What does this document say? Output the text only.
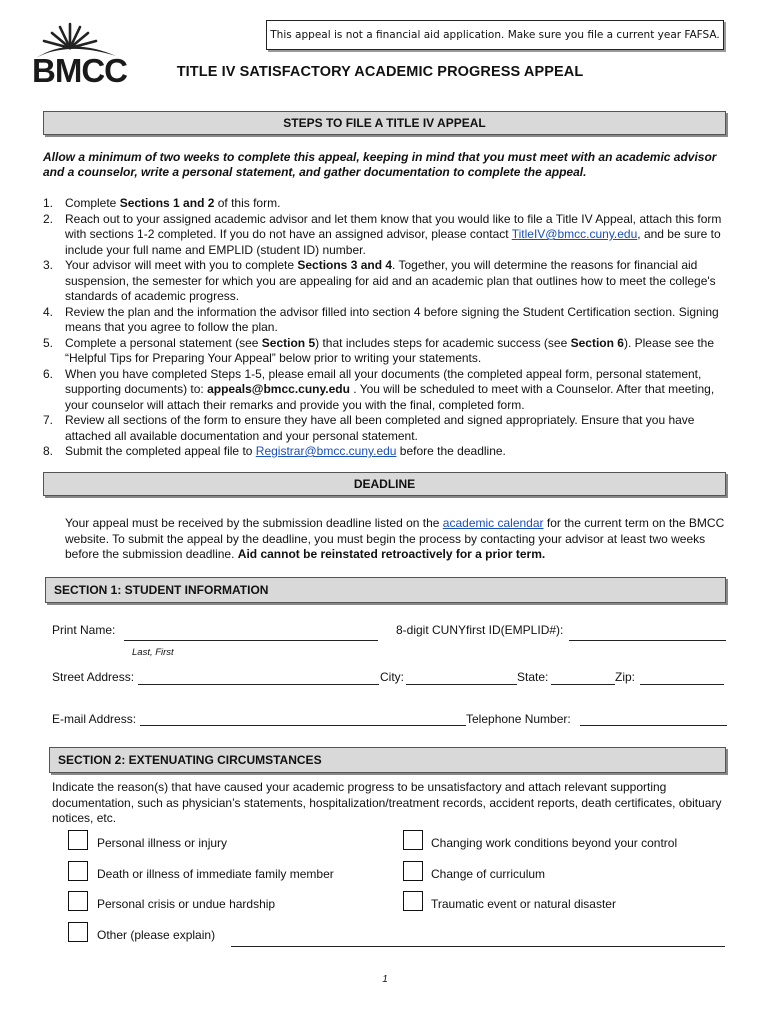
This appeal is not a financial aid application. Make sure you file a current year FAFSA.
BMCC	TITLE IV SATISFACTORY ACADEMIC PROGRESS APPEAL
STEPS TO FILE A TITLE IV APPEAL
Allow a minimum of two weeks to complete this appeal, keeping in mind that you must meet with an academic advisor and a counselor, write a personal statement, and gather documentation to complete the appeal.
1. Complete Sections 1 and 2 of this form.
2. Reach out to your assigned academic advisor and let them know that you would like to file a Title IV Appeal, attach this form with sections 1-2 completed. If you do not have an assigned advisor, please contact TitleIV@bmcc.cuny.edu, and be sure to include your full name and EMPLID (student ID) number.
3. Your advisor will meet with you to complete Sections 3 and 4. Together, you will determine the reasons for financial aid suspension, the semester for which you are appealing for aid and an academic plan that outlines how to meet the college's standards of academic progress.
4. Review the plan and the information the advisor filled into section 4 before signing the Student Certification section. Signing means that you agree to follow the plan.
5. Complete a personal statement (see Section 5) that includes steps for academic success (see Section 6). Please see the “Helpful Tips for Preparing Your Appeal” below prior to writing your statements.
6. When you have completed Steps 1-5, please email all your documents (the completed appeal form, personal statement, supporting documents) to: appeals@bmcc.cuny.edu . You will be scheduled to meet with a Counselor. After that meeting, your counselor will attach their remarks and provide you with the final, completed form.
7. Review all sections of the form to ensure they have all been completed and signed appropriately. Ensure that you have attached all available documentation and your personal statement.
8. Submit the completed appeal file to Registrar@bmcc.cuny.edu before the deadline.
DEADLINE
Your appeal must be received by the submission deadline listed on the academic calendar for the current term on the BMCC website. To submit the appeal by the deadline, you must begin the process by contacting your advisor at least two weeks before the submission deadline. Aid cannot be reinstated retroactively for a prior term.
SECTION 1: STUDENT INFORMATION
Print Name:
Last, First
8-digit CUNYfirst ID(EMPLID#):
Street Address:	City:	State:	Zip:
E-mail Address:	Telephone Number:
SECTION 2: EXTENUATING CIRCUMSTANCES
Indicate the reason(s) that have caused your academic progress to be unsatisfactory and attach relevant supporting documentation, such as physician’s statements, hospitalization/treatment records, accident reports, death certificates, obituary notices, etc.
Personal illness or injury
Death or illness of immediate family member
Personal crisis or undue hardship
Other (please explain)
Changing work conditions beyond your control
Change of curriculum
Traumatic event or natural disaster
1
